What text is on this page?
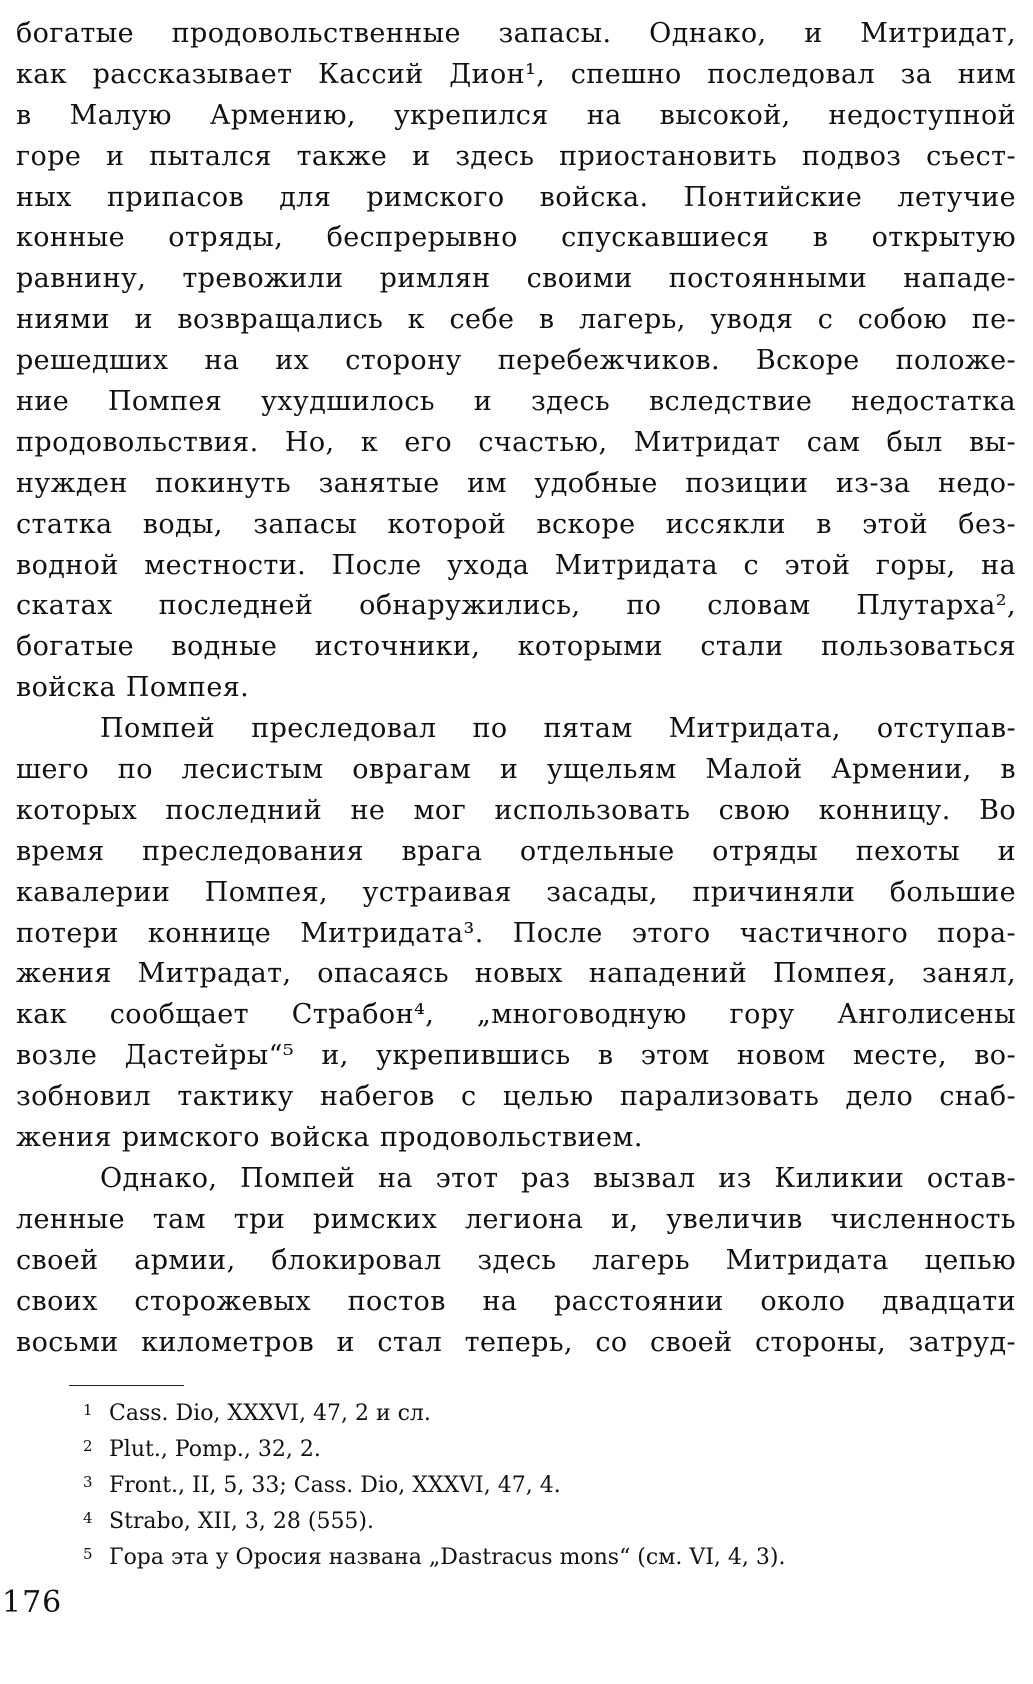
богатые продовольственные запасы. Однако, и Митридат,
как рассказывает Кассий Дион¹, спешно последовал за ним
в Малую Армению, укрепился на высокой, недоступной
горе и пытался также и здесь приостановить подвоз съест-
ных припасов для римского войска. Понтийские летучие
конные отряды, беспрерывно спускавшиеся в открытую
равнину, тревожили римлян своими постоянными нападе-
ниями и возвращались к себе в лагерь, уводя с собою пе-
решедших на их сторону перебежчиков. Вскоре положе-
ние Помпея ухудшилось и здесь вследствие недостатка
продовольствия. Но, к его счастью, Митридат сам был вы-
нужден покинуть занятые им удобные позиции из-за недо-
статка воды, запасы которой вскоре иссякли в этой без-
водной местности. После ухода Митридата с этой горы, на
скатах последней обнаружились, по словам Плутарха²,
богатые водные источники, которыми стали пользоваться
войска Помпея.
Помпей преследовал по пятам Митридата, отступав-
шего по лесистым оврагам и ущельям Малой Армении, в
которых последний не мог использовать свою конницу. Во
время преследования врага отдельные отряды пехоты и
кавалерии Помпея, устраивая засады, причиняли большие
потери коннице Митридата³. После этого частичного пора-
жения Митрадат, опасаясь новых нападений Помпея, занял,
как сообщает Страбон⁴, „многоводную гору Анголисены
возле Дастейры“⁵ и, укрепившись в этом новом месте, во-
зобновил тактику набегов с целью парализовать дело снаб-
жения римского войска продовольствием.
Однако, Помпей на этот раз вызвал из Киликии остав-
ленные там три римских легиона и, увеличив численность
своей армии, блокировал здесь лагерь Митридата цепью
своих сторожевых постов на расстоянии около двадцати
восьми километров и стал теперь, со своей стороны, затруд-
1 Cass. Dio, XXXVI, 47, 2 и сл.
2 Plut., Pomp., 32, 2.
3 Front., II, 5, 33; Cass. Dio, XXXVI, 47, 4.
4 Strabo, XII, 3, 28 (555).
5 Гора эта у Оросия названа „Dastracus mons“ (см. VI, 4, 3).
176
